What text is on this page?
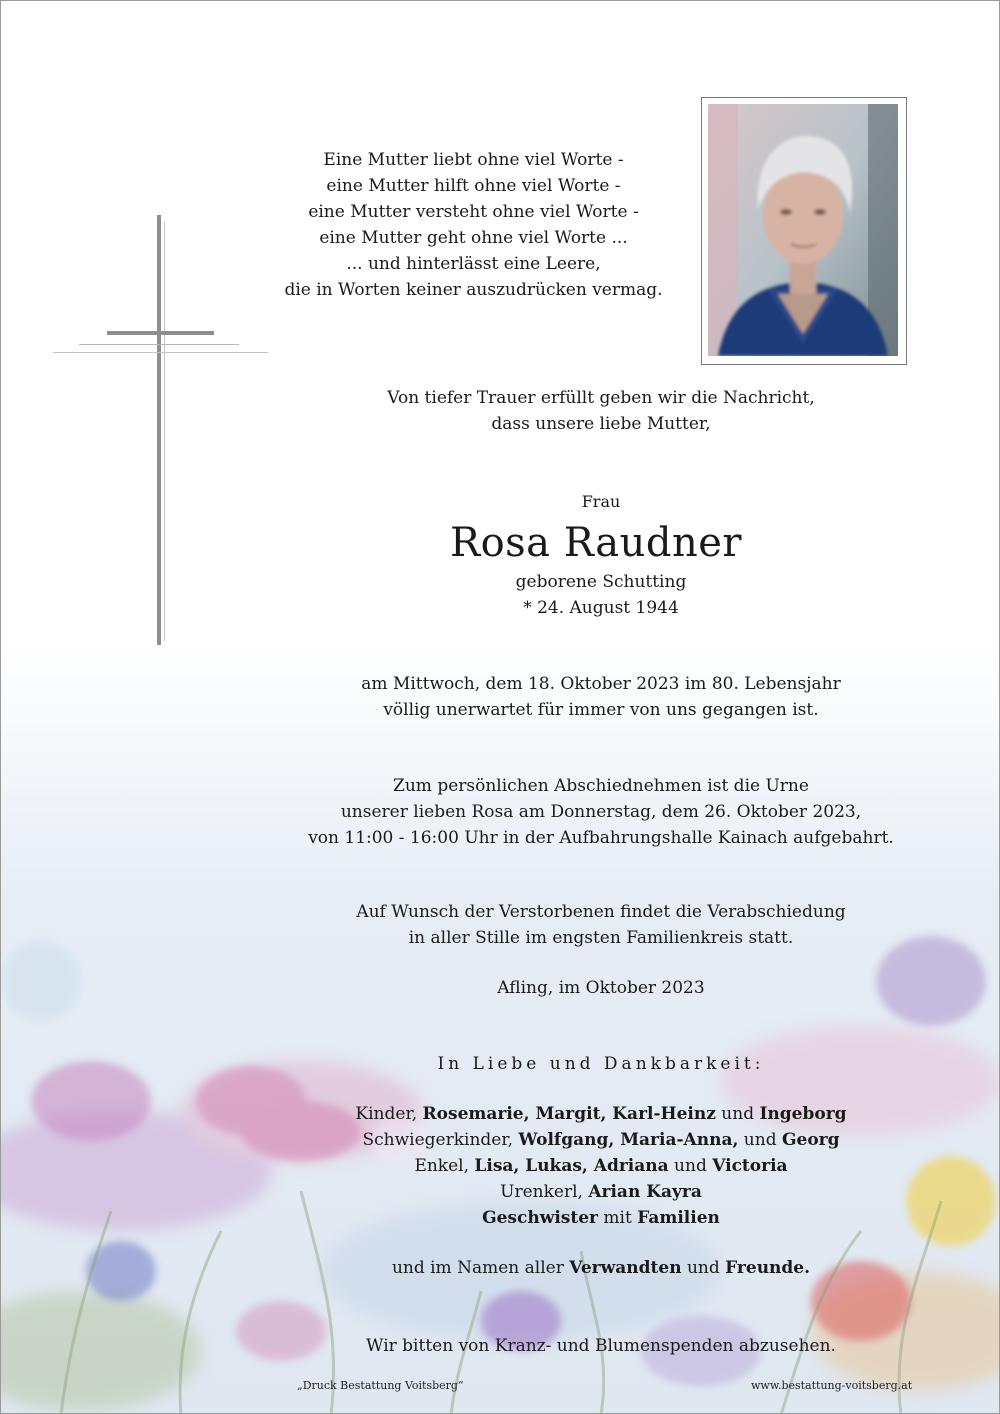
Eine Mutter liebt ohne viel Worte -
eine Mutter hilft ohne viel Worte -
eine Mutter versteht ohne viel Worte -
eine Mutter geht ohne viel Worte ...
... und hinterlässt eine Leere,
die in Worten keiner auszudrücken vermag.
Von tiefer Trauer erfüllt geben wir die Nachricht,
dass unsere liebe Mutter,
Frau
Rosa Raudner
geborene Schutting
* 24. August 1944
am Mittwoch, dem 18. Oktober 2023 im 80. Lebensjahr
völlig unerwartet für immer von uns gegangen ist.
Zum persönlichen Abschiednehmen ist die Urne
unserer lieben Rosa am Donnerstag, dem 26. Oktober 2023,
von 11:00 - 16:00 Uhr in der Aufbahrungshalle Kainach aufgebahrt.
Auf Wunsch der Verstorbenen findet die Verabschiedung
in aller Stille im engsten Familienkreis statt.
Afling, im Oktober 2023
In Liebe und Dankbarkeit:
Kinder, Rosemarie, Margit, Karl-Heinz und Ingeborg
Schwiegerkinder, Wolfgang, Maria-Anna, und Georg
Enkel, Lisa, Lukas, Adriana und Victoria
Urenkerl, Arian Kayra
Geschwister mit Familien
und im Namen aller Verwandten und Freunde.
Wir bitten von Kranz- und Blumenspenden abzusehen.
„Druck Bestattung Voitsberg“	www.bestattung-voitsberg.at
